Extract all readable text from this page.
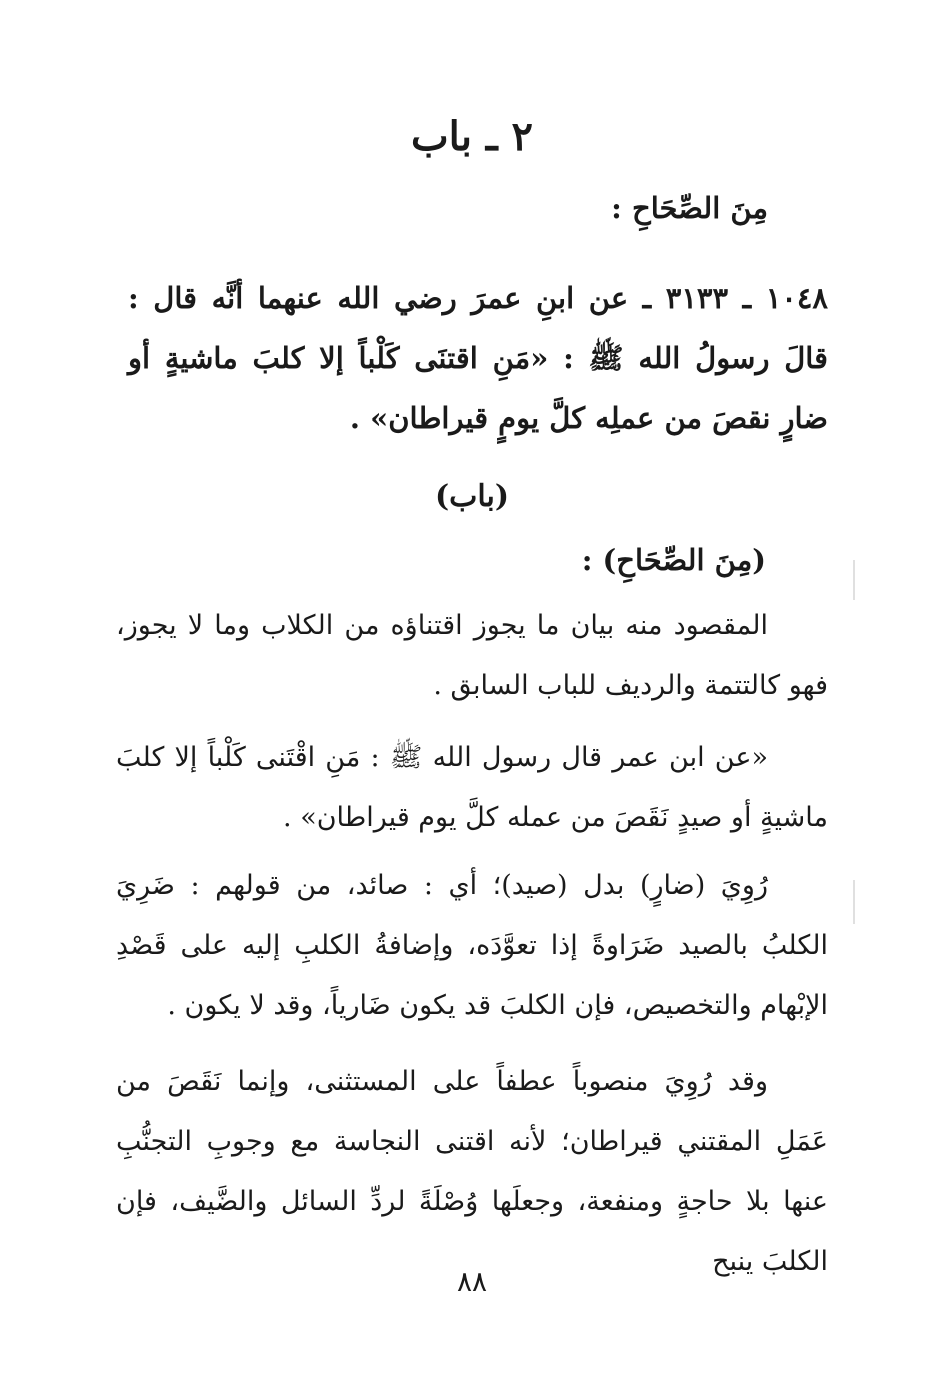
٢ ـ باب
مِنَ الصِّحَاحِ :
١٠٤٨ ـ ٣١٣٣ ـ عن ابنِ عمرَ رضي الله عنهما أنَّه قال : قالَ رسولُ الله ﷺ : «مَنِ اقتنَى كَلْباً إلا كلبَ ماشيةٍ أو ضارٍ نقصَ من عملِه كلَّ يومٍ قيراطان» .
(باب)
(مِنَ الصِّحَاحِ) :

المقصود منه بيان ما يجوز اقتناؤه من الكلاب وما لا يجوز، فهو كالتتمة والرديف للباب السابق .

«عن ابن عمر قال رسول الله ﷺ : مَنِ اقْتَنى كَلْباً إلا كلبَ ماشيةٍ أو صيدٍ نَقَصَ من عمله كلَّ يوم قيراطان» .

رُوِيَ (ضارٍ) بدل (صيد)؛ أي : صائد، من قولهم : ضَرِيَ الكلبُ بالصيد ضَرَاوةً إذا تعوَّدَه، وإضافةُ الكلبِ إليه على قَصْدِ الإبْهام والتخصيص، فإن الكلبَ قد يكون ضَارياً، وقد لا يكون .

وقد رُوِيَ منصوباً عطفاً على المستثنى، وإنما نَقَصَ من عَمَلِ المقتني قيراطان؛ لأنه اقتنى النجاسة مع وجوبِ التجنُّبِ عنها بلا حاجةٍ ومنفعة، وجعلَها وُصْلَةً لردِّ السائل والضَّيف، فإن الكلبَ ينبح

٨٨
